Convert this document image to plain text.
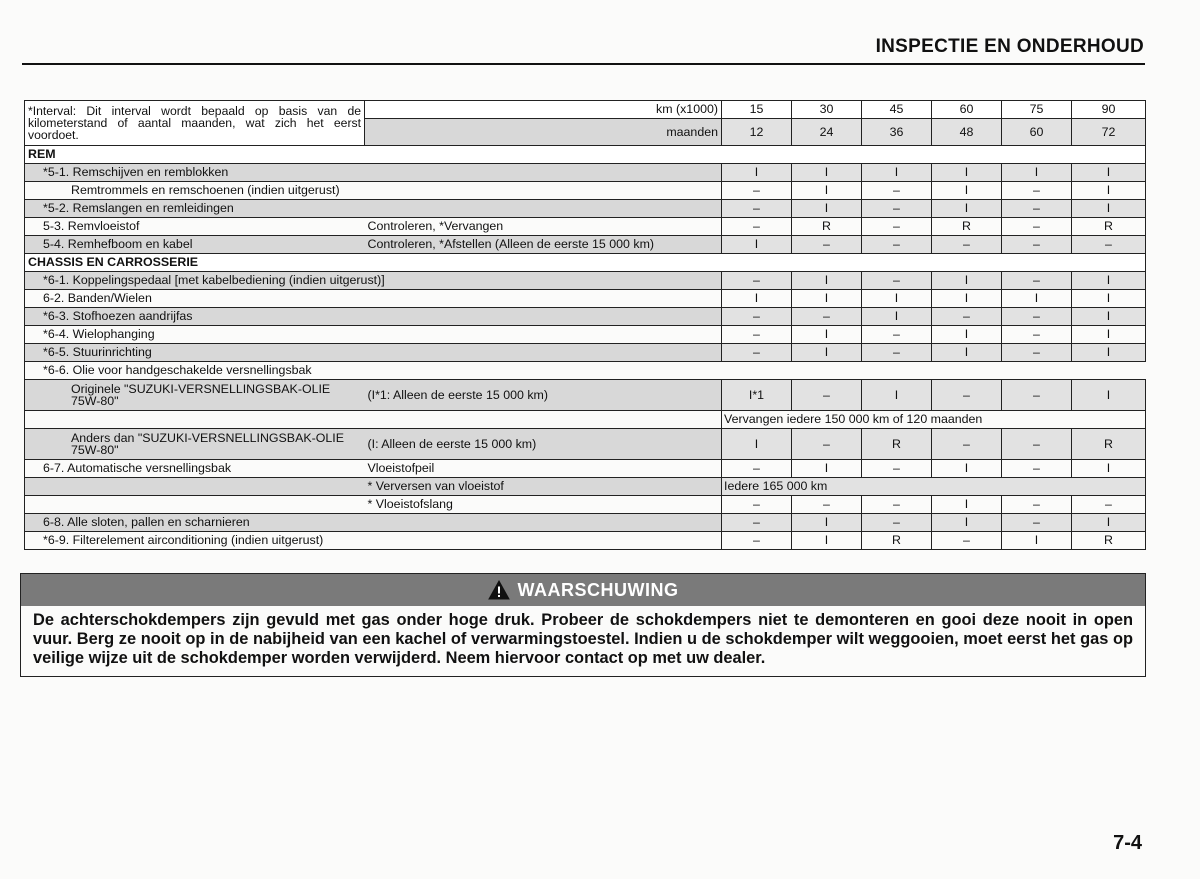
INSPECTIE EN ONDERHOUD
*Interval: Dit interval wordt bepaald op basis van de kilometerstand of aantal maanden, wat zich het eerst voordoet.	km (x1000)	15	30	45	60	75	90
	maanden	12	24	36	48	60	72
REM							
*5-1. Remschijven en remblokken		I	I	I	I	I	I
Remtrommels en remschoenen (indien uitgerust)		–	I	–	I	–	I
*5-2. Remslangen en remleidingen		–	I	–	I	–	I
5-3. Remvloeistof	Controleren, *Vervangen	–	R	–	R	–	R
5-4. Remhefboom en kabel	Controleren, *Afstellen (Alleen de eerste 15 000 km)	I	–	–	–	–	–
CHASSIS EN CARROSSERIE							
*6-1. Koppelingspedaal [met kabelbediening (indien uitgerust)]		–	I	–	I	–	I
6-2. Banden/Wielen		I	I	I	I	I	I
*6-3. Stofhoezen aandrijfas		–	–	I	–	–	I
*6-4. Wielophanging		–	I	–	I	–	I
*6-5. Stuurinrichting		–	I	–	I	–	I
*6-6. Olie voor handgeschakelde versnellingsbak							
Originele "SUZUKI-VERSNELLINGSBAK-OLIE 75W-80"	(I*1: Alleen de eerste 15 000 km)	I*1	–	I	–	–	I
		Vervangen iedere 150 000 km of 120 maanden					
Anders dan "SUZUKI-VERSNELLINGSBAK-OLIE 75W-80"	(I: Alleen de eerste 15 000 km)	I	–	R	–	–	R
6-7. Automatische versnellingsbak	Vloeistofpeil	–	I	–	I	–	I
	* Verversen van vloeistof	Iedere 165 000 km					
	* Vloeistofslang	–	–	–	I	–	–
6-8. Alle sloten, pallen en scharnieren		–	I	–	I	–	I
*6-9. Filterelement airconditioning (indien uitgerust)		–	I	R	–	I	R
WAARSCHUWING
De achterschokdempers zijn gevuld met gas onder hoge druk. Probeer de schokdempers niet te demonteren en gooi deze nooit in open vuur. Berg ze nooit op in de nabijheid van een kachel of verwarmingstoestel. Indien u de schokdemper wilt weggooien, moet eerst het gas op veilige wijze uit de schokdemper worden verwijderd. Neem hiervoor contact op met uw dealer.
7-4
